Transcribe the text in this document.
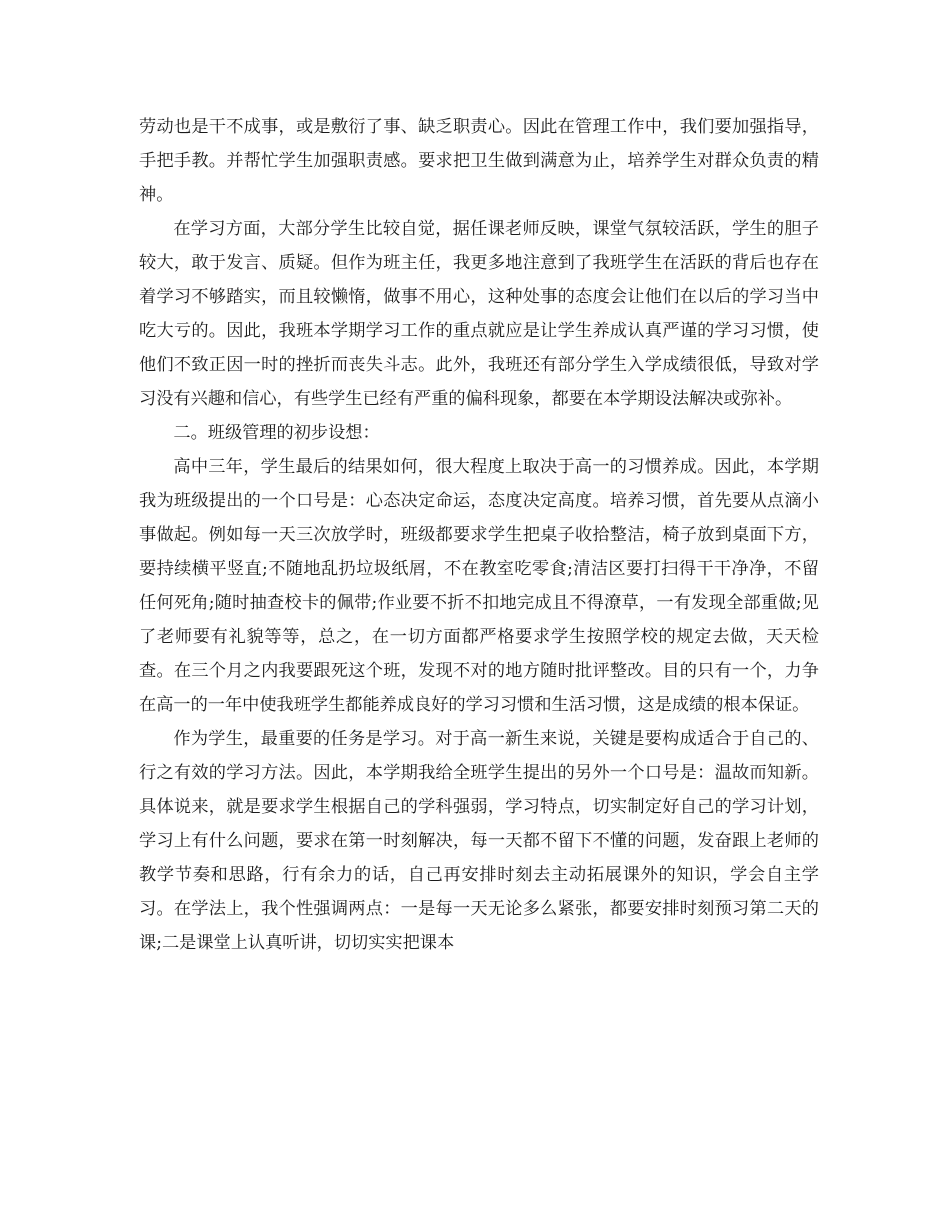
劳动也是干不成事，或是敷衍了事、缺乏职责心。因此在管理工作中，我们要加强指导，手把手教。并帮忙学生加强职责感。要求把卫生做到满意为止，培养学生对群众负责的精神。

在学习方面，大部分学生比较自觉，据任课老师反映，课堂气氛较活跃，学生的胆子较大，敢于发言、质疑。但作为班主任，我更多地注意到了我班学生在活跃的背后也存在着学习不够踏实，而且较懒惰，做事不用心，这种处事的态度会让他们在以后的学习当中吃大亏的。因此，我班本学期学习工作的重点就应是让学生养成认真严谨的学习习惯，使他们不致正因一时的挫折而丧失斗志。此外，我班还有部分学生入学成绩很低，导致对学习没有兴趣和信心，有些学生已经有严重的偏科现象，都要在本学期设法解决或弥补。

二。班级管理的初步设想：

高中三年，学生最后的结果如何，很大程度上取决于高一的习惯养成。因此，本学期我为班级提出的一个口号是：心态决定命运，态度决定高度。培养习惯，首先要从点滴小事做起。例如每一天三次放学时，班级都要求学生把桌子收拾整洁，椅子放到桌面下方，要持续横平竖直;不随地乱扔垃圾纸屑，不在教室吃零食;清洁区要打扫得干干净净，不留任何死角;随时抽查校卡的佩带;作业要不折不扣地完成且不得潦草，一有发现全部重做;见了老师要有礼貌等等，总之，在一切方面都严格要求学生按照学校的规定去做，天天检查。在三个月之内我要跟死这个班，发现不对的地方随时批评整改。目的只有一个，力争在高一的一年中使我班学生都能养成良好的学习习惯和生活习惯，这是成绩的根本保证。

作为学生，最重要的任务是学习。对于高一新生来说，关键是要构成适合于自己的、行之有效的学习方法。因此，本学期我给全班学生提出的另外一个口号是：温故而知新。具体说来，就是要求学生根据自己的学科强弱，学习特点，切实制定好自己的学习计划，学习上有什么问题，要求在第一时刻解决，每一天都不留下不懂的问题，发奋跟上老师的教学节奏和思路，行有余力的话，自己再安排时刻去主动拓展课外的知识，学会自主学习。在学法上，我个性强调两点：一是每一天无论多么紧张，都要安排时刻预习第二天的课;二是课堂上认真听讲，切切实实把课本
